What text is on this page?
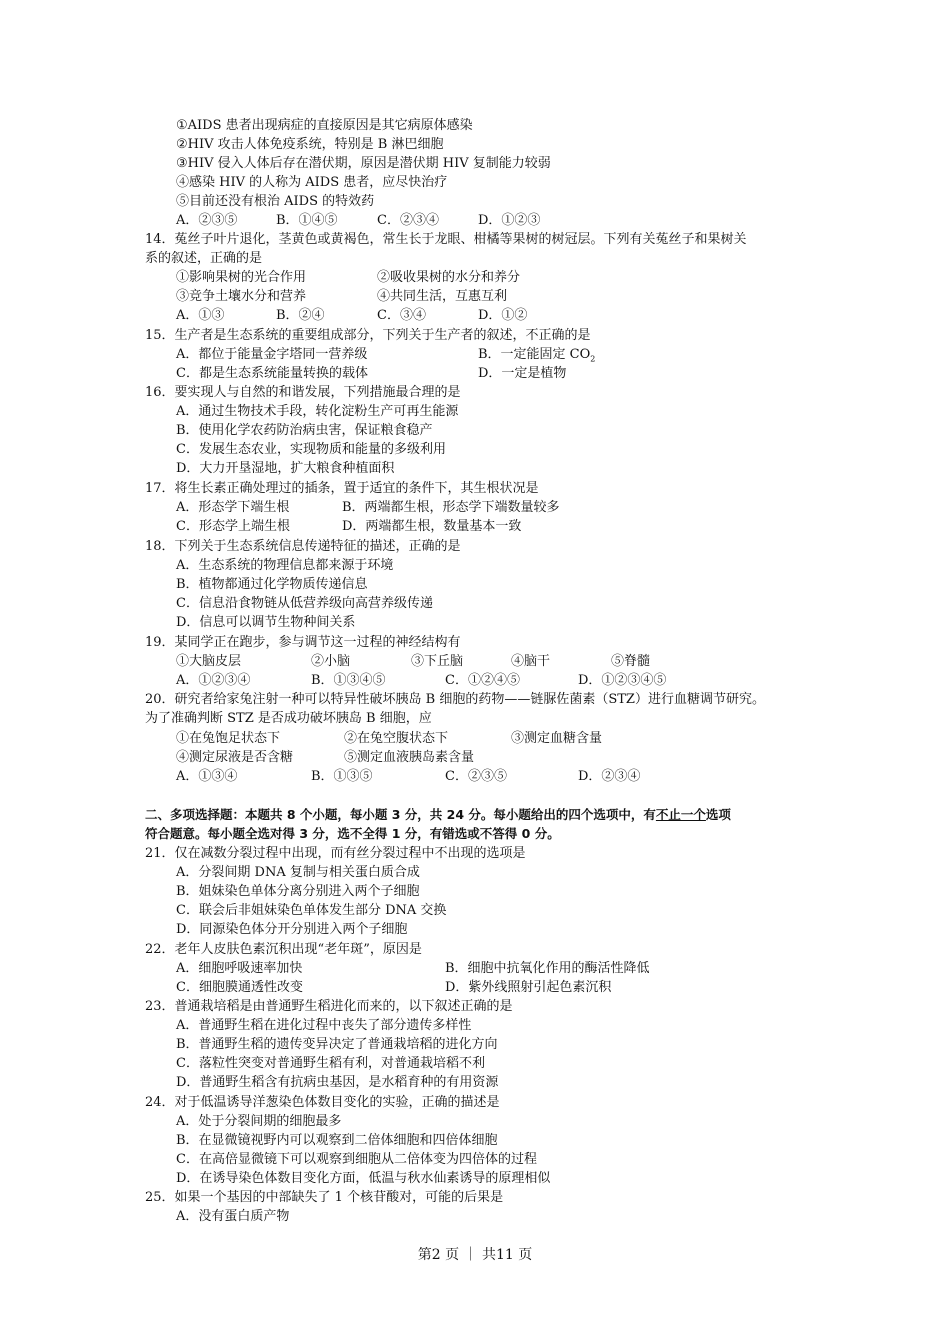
①AIDS 患者出现病症的直接原因是其它病原体感染
②HIV 攻击人体免疫系统，特别是 B 淋巴细胞
③HIV 侵入人体后存在潜伏期，原因是潜伏期 HIV 复制能力较弱
④感染 HIV 的人称为 AIDS 患者，应尽快治疗
⑤目前还没有根治 AIDS 的特效药
A．②③⑤	B．①④⑤	C．②③④	D．①②③
14．菟丝子叶片退化，茎黄色或黄褐色，常生长于龙眼、柑橘等果树的树冠层。下列有关菟丝子和果树关
系的叙述，正确的是
①影响果树的光合作用	②吸收果树的水分和养分
③竞争土壤水分和营养	④共同生活，互惠互利
A．①③	B．②④	C．③④	D．①②
15．生产者是生态系统的重要组成部分，下列关于生产者的叙述，不正确的是
A．都位于能量金字塔同一营养级	B．一定能固定 $CO_2$
C．都是生态系统能量转换的载体	D．一定是植物
16．要实现人与自然的和谐发展，下列措施最合理的是
A．通过生物技术手段，转化淀粉生产可再生能源
B．使用化学农药防治病虫害，保证粮食稳产
C．发展生态农业，实现物质和能量的多级利用
D．大力开垦湿地，扩大粮食种植面积
17．将生长素正确处理过的插条，置于适宜的条件下，其生根状况是
A．形态学下端生根	B．两端都生根，形态学下端数量较多
C．形态学上端生根	D．两端都生根，数量基本一致
18．下列关于生态系统信息传递特征的描述，正确的是
A．生态系统的物理信息都来源于环境
B．植物都通过化学物质传递信息
C．信息沿食物链从低营养级向高营养级传递
D．信息可以调节生物种间关系
19．某同学正在跑步，参与调节这一过程的神经结构有
①大脑皮层	②小脑	③下丘脑	④脑干	⑤脊髓
A．①②③④	B．①③④⑤	C．①②④⑤	D．①②③④⑤
20．研究者给家兔注射一种可以特异性破坏胰岛 B 细胞的药物——链脲佐菌素（STZ）进行血糖调节研究。
为了准确判断 STZ 是否成功破坏胰岛 B 细胞，应
①在兔饱足状态下	②在兔空腹状态下	③测定血糖含量
④测定尿液是否含糖	⑤测定血液胰岛素含量
A．①③④	B．①③⑤	C．②③⑤	D．②③④
二、多项选择题：本题共 8 个小题，每小题 3 分，共 24 分。每小题给出的四个选项中，有不止一个选项
符合题意。每小题全选对得 3 分，选不全得 1 分，有错选或不答得 0 分。
21．仅在减数分裂过程中出现，而有丝分裂过程中不出现的选项是
A．分裂间期 DNA 复制与相关蛋白质合成
B．姐妹染色单体分离分别进入两个子细胞
C．联会后非姐妹染色单体发生部分 DNA 交换
D．同源染色体分开分别进入两个子细胞
22．老年人皮肤色素沉积出现“老年斑”，原因是
A．细胞呼吸速率加快	B．细胞中抗氧化作用的酶活性降低
C．细胞膜通透性改变	D．紫外线照射引起色素沉积
23．普通栽培稻是由普通野生稻进化而来的，以下叙述正确的是
A．普通野生稻在进化过程中丧失了部分遗传多样性
B．普通野生稻的遗传变异决定了普通栽培稻的进化方向
C．落粒性突变对普通野生稻有利，对普通栽培稻不利
D．普通野生稻含有抗病虫基因，是水稻育种的有用资源
24．对于低温诱导洋葱染色体数目变化的实验，正确的描述是
A．处于分裂间期的细胞最多
B．在显微镜视野内可以观察到二倍体细胞和四倍体细胞
C．在高倍显微镜下可以观察到细胞从二倍体变为四倍体的过程
D．在诱导染色体数目变化方面，低温与秋水仙素诱导的原理相似
25．如果一个基因的中部缺失了 1 个核苷酸对，可能的后果是
A．没有蛋白质产物
第2 页 ｜ 共11 页
